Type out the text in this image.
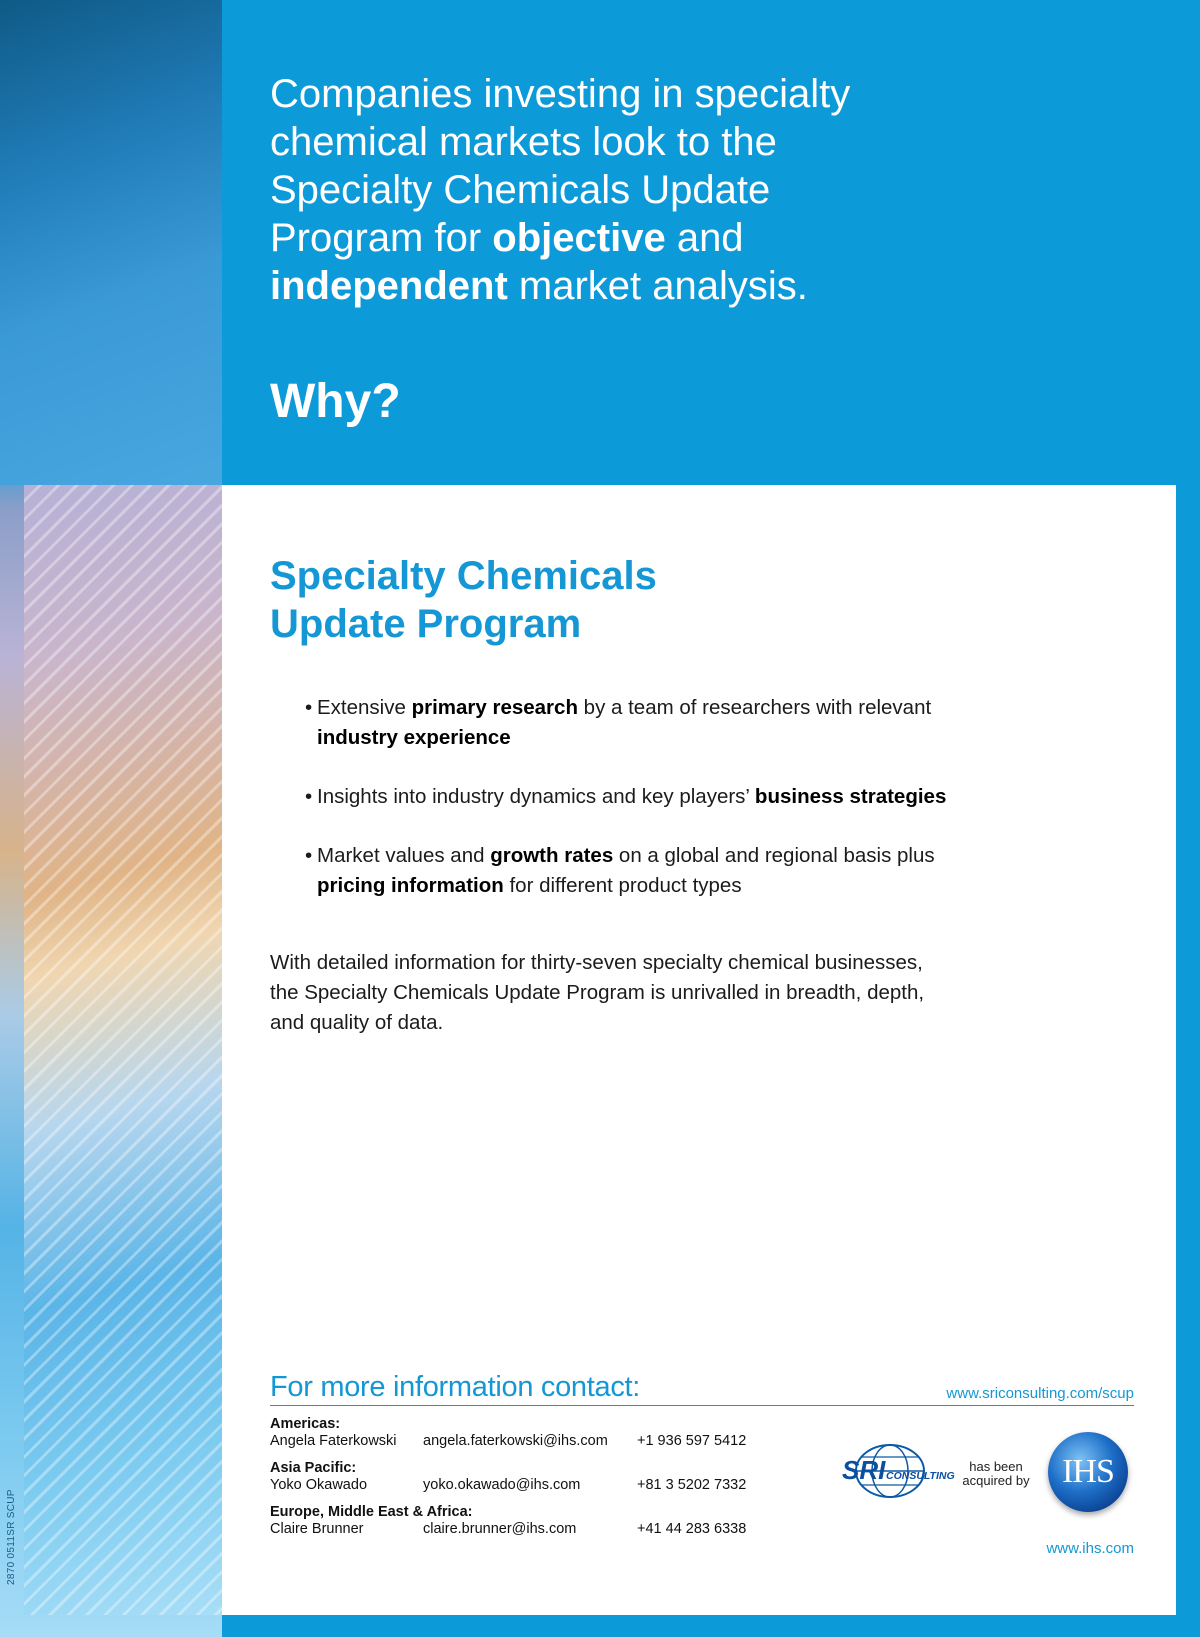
Companies investing in specialty
chemical markets look to the
Specialty Chemicals Update
Program for objective and
independent market analysis.
Why?
Specialty Chemicals
Update Program
• Extensive primary research by a team of researchers with relevant industry experience
• Insights into industry dynamics and key players’ business strategies
• Market values and growth rates on a global and regional basis plus pricing information for different product types
With detailed information for thirty-seven specialty chemical businesses, the Specialty Chemicals Update Program is unrivalled in breadth, depth, and quality of data.
For more information contact:	www.sriconsulting.com/scup
Americas:
Angela Faterkowski	angela.faterkowski@ihs.com	+1 936 597 5412
Asia Pacific:
Yoko Okawado	yoko.okawado@ihs.com	+81 3 5202 7332
Europe, Middle East & Africa:
Claire Brunner	claire.brunner@ihs.com	+41 44 283 6338
SRI CONSULTING
has been acquired by IHS
www.ihs.com
2870 0511SR SCUP
